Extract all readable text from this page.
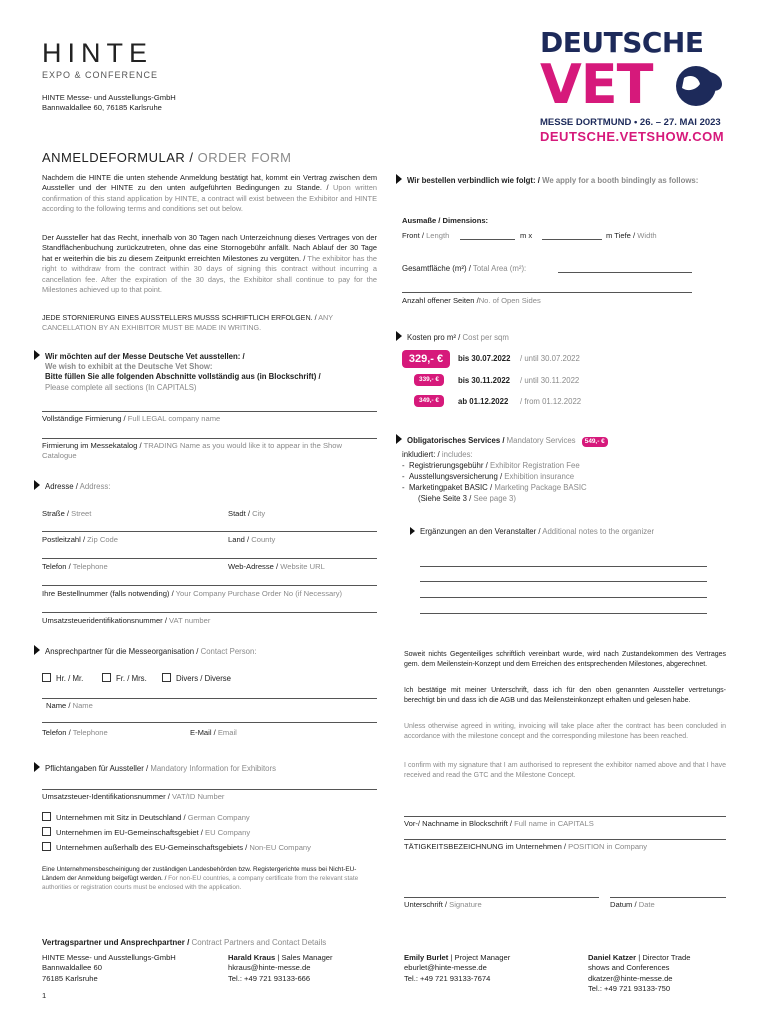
HINTE
EXPO & CONFERENCE
HINTE Messe- und Ausstellungs-GmbH
Bannwaldallee 60, 76185 Karlsruhe
DEUTSCHE
VET
MESSE DORTMUND • 26. – 27. MAI 2023
DEUTSCHE.VETSHOW.COM
ANMELDEFORMULAR / ORDER FORM

Nachdem die HINTE die unten stehende Anmeldung bestätigt hat, kommt ein Vertrag zwischen dem Aussteller und der HINTE zu den unten aufgeführten Bedingungen zu Stande. / Upon written confirmation of this stand application by HINTE, a contract will exist between the Exhibitor and HINTE according to the following terms and conditions set out below.

Der Aussteller hat das Recht, innerhalb von 30 Tagen nach Unterzeichnung dieses Vertrages von der Standflächenbuchung zurückzutreten, ohne das eine Stornogebühr anfällt. Nach Ablauf der 30 Tage hat er weiterhin die bis zu diesem Zeitpunkt erreichten Milestones zu vergüten. / The exhibitor has the right to withdraw from the contract within 30 days of signing this contract without incurring a cancellation fee. After the expiration of the 30 days, the Exhibitor shall continue to pay for the Milestones achieved up to that point.

JEDE STORNIERUNG EINES AUSSTELLERS MUSSS SCHRIFTLICH ERFOLGEN. / ANY CANCELLATION BY AN EXHIBITOR MUST BE MADE IN WRITING.

Wir möchten auf der Messe Deutsche Vet ausstellen: /
We wish to exhibit at the Deutsche Vet Show:
Bitte füllen Sie alle folgenden Abschnitte vollständig aus (in Blockschrift) /
Please complete all sections (In CAPITALS)
Vollständige Firmierung / Full LEGAL company name
Firmierung im Messekatalog / TRADING Name as you would like it to appear in the Show Catalogue
Adresse / Address:
Straße / Street	Stadt / City
Postleitzahl / Zip Code	Land / County
Telefon / Telephone	Web-Adresse / Website URL
Ihre Bestellnummer (falls notwending) / Your Company Purchase Order No (if Necessary)
Umsatzsteueridentifikationsnummer / VAT number
Ansprechpartner für die Messeorganisation / Contact Person:
Hr. / Mr.	Fr. / Mrs.	Divers / Diverse
Name / Name
Telefon / Telephone	E-Mail / Email
Pflichtangaben für Aussteller / Mandatory Information for Exhibitors
Umsatzsteuer-Identifikationsnummer / VAT/ID Number
Unternehmen mit Sitz in Deutschland / German Company
Unternehmen im EU-Gemeinschaftsgebiet / EU Company
Unternehmen außerhalb des EU-Gemeinschaftsgebiets / Non-EU Company

Eine Unternehmensbescheinigung der zuständigen Landesbehörden bzw. Registergerichte muss bei Nicht-EU-Ländern der Anmeldung beigefügt werden. / For non-EU countries, a company certificate from the relevant state authorities or registration courts must be enclosed with the application.

Wir bestellen verbindlich wie folgt: / We apply for a booth bindingly as follows:
Ausmaße / Dimensions:
Front / Length	m x	m Tiefe / Width
Gesamtfläche (m²) / Total Area (m²):
Anzahl offener Seiten /No. of Open Sides
Kosten pro m² / Cost per sqm
329,- € bis 30.07.2022 / until 30.07.2022
339,- € bis 30.11.2022 / until 30.11.2022
349,- € ab 01.12.2022 / from 01.12.2022
Obligatorisches Services / Mandatory Services 549,- €
inkludiert: / includes:
-  Registrierungsgebühr / Exhibitor Registration Fee
-  Ausstellungsversicherung / Exhibition insurance
-  Marketingpaket BASIC / Marketing Package BASIC
(Siehe Seite 3 / See page 3)
Ergänzungen an den Veranstalter / Additional notes to the organizer

Soweit nichts Gegenteiliges schriftlich vereinbart wurde, wird nach Zustandekommen des Vertrages gem. dem Meilenstein-Konzept und dem Erreichen des entsprechenden Milestones, abgerechnet.

Ich bestätige mit meiner Unterschrift, dass ich für den oben genannten Aussteller vertretungs- berechtigt bin und dass ich die AGB und das Meilensteinkonzept erhalten und gelesen habe.

Unless otherwise agreed in writing, invoicing will take place after the contract has been concluded in accordance with the milestone concept and the corresponding milestone has been reached.

I confirm with my signature that I am authorised to represent the exhibitor named above and that I have received and read the GTC and the Milestone Concept.

Vor-/ Nachname in Blockschrift / Full name in CAPITALS
TÄTIGKEITSBEZEICHNUNG im Unternehmen / POSITION in Company
Unterschrift / Signature	Datum / Date
Vertragspartner und Ansprechpartner / Contract Partners and Contact Details
HINTE Messe- und Ausstellungs-GmbH
Bannwaldallee 60
76185 Karlsruhe
Harald Kraus | Sales Manager
hkraus@hinte-messe.de
Tel.: +49 721 93133-666
Emily Burlet | Project Manager
eburlet@hinte-messe.de
Tel.: +49 721 93133-7674
Daniel Katzer | Director Trade
shows and Conferences
dkatzer@hinte-messe.de
Tel.: +49 721 93133-750
1
